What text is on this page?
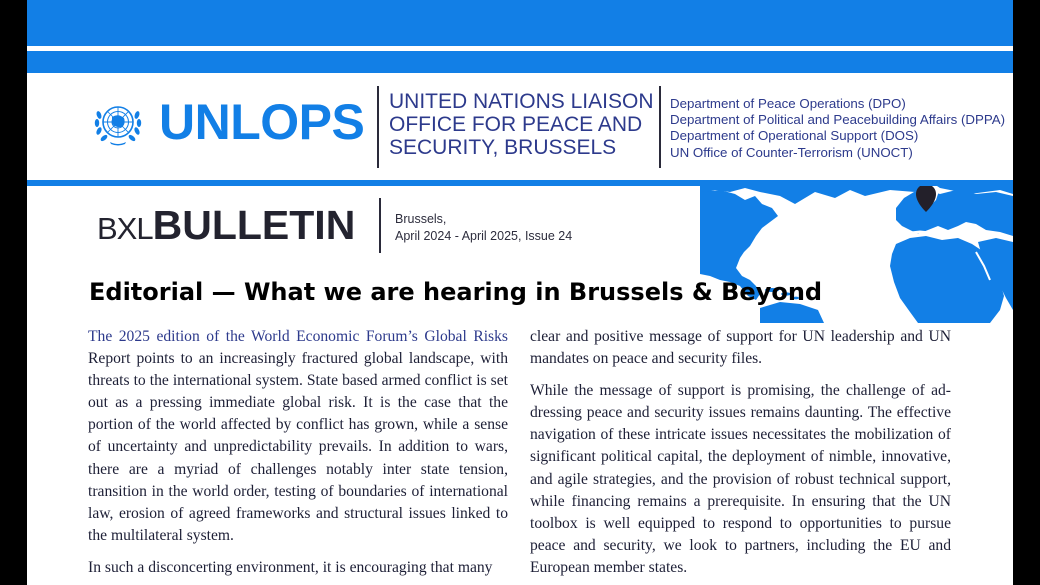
UNLOPS UNITED NATIONS LIAISON
OFFICE FOR PEACE AND
SECURITY, BRUSSELS
Department of Peace Operations (DPO)
Department of Political and Peacebuilding Affairs (DPPA)
Department of Operational Support (DOS)
UN Office of Counter-Terrorism (UNOCT)
BXLBULLETIN	Brussels,
April 2024 - April 2025, Issue 24
Editorial — What we are hearing in Brussels & Beyond

The 2025 edition of the World Economic Forum’s Global Risks Report points to an increasingly fractured global landscape, with threats to the international system. State based armed conflict is set out as a pressing immediate global risk. It is the case that the portion of the world affected by conflict has grown, while a sense of uncertainty and unpredictability prevails. In addition to wars, there are a myriad of challenges notably inter state tension, transition in the world order, testing of boundaries of international law, erosion of agreed frameworks and structural issues linked to the multilateral system.

In such a disconcerting environment, it is encouraging that many

clear and positive message of support for UN leadership and UN mandates on peace and security files.

While the message of support is promising, the challenge of addressing peace and security issues remains daunting. The effective navigation of these intricate issues necessitates the mobilization of significant political capital, the deployment of nimble, innovative, and agile strategies, and the provision of robust technical support, while financing remains a prerequisite. In ensuring that the UN toolbox is well equipped to respond to opportunities to pursue peace and security, we look to partners, including the EU and European member states.
